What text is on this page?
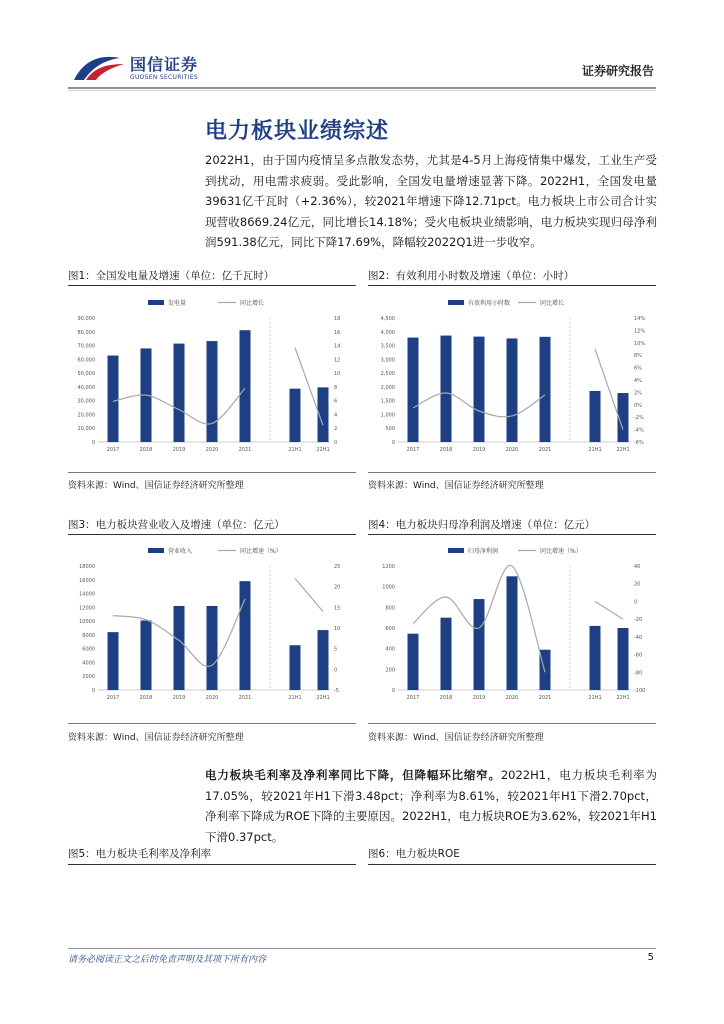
国信证券
GUOSEN SECURITIES	证券研究报告
电力板块业绩综述
2022H1，由于国内疫情呈多点散发态势，尤其是4-5月上海疫情集中爆发，工业生产受到扰动，用电需求疲弱。受此影响，全国发电量增速显著下降。2022H1，全国发电量39631亿千瓦时（+2.36%），较2021年增速下降12.71pct。电力板块上市公司合计实现营收8669.24亿元，同比增长14.18%；受火电板块业绩影响，电力板块实现归母净利润591.38亿元，同比下降17.69%，降幅较2022Q1进一步收窄。
图1：全国发电量及增速（单位：亿千瓦时）	图2：有效利用小时数及增速（单位：小时）
发电量	同比增长
0
10,000
20,000
30,000
40,000
50,000
60,000
70,000
80,000
90,000
0
2
4
6
8
10
12
14
16
18
2017	2018	2019	2020	2021	21H1	22H1
有效利用小时数	同比增长
0
500
1,000
1,500
2,000
2,500
3,000
3,500
4,000
4,500
-6%
-4%
-2%
0%
2%
4%
6%
8%
10%
12%
14%
2017	2018	2019	2020	2021	21H1	22H1
资料来源：Wind、国信证券经济研究所整理	资料来源：Wind、国信证券经济研究所整理
图3：电力板块营业收入及增速（单位：亿元）	图4：电力板块归母净利润及增速（单位：亿元）
营业收入	同比增速（%）
0
2000
4000
6000
8000
10000
12000
14000
16000
18000
-5
0
5
10
15
20
25
2017	2018	2019	2020	2021	21H1	22H1
归母净利润	同比增速（%）
0
200
400
600
800
1000
1200
-100
-80
-60
-40
-20
0
20
40
2017	2018	2019	2020	2021	21H1	22H1
资料来源：Wind、国信证券经济研究所整理	资料来源：Wind、国信证券经济研究所整理
电力板块毛利率及净利率同比下降，但降幅环比缩窄。2022H1，电力板块毛利率为17.05%，较2021年H1下滑3.48pct；净利率为8.61%，较2021年H1下滑2.70pct，净利率下降成为ROE下降的主要原因。2022H1，电力板块ROE为3.62%，较2021年H1下滑0.37pct。
图5：电力板块毛利率及净利率	图6：电力板块ROE
请务必阅读正文之后的免责声明及其项下所有内容	5
